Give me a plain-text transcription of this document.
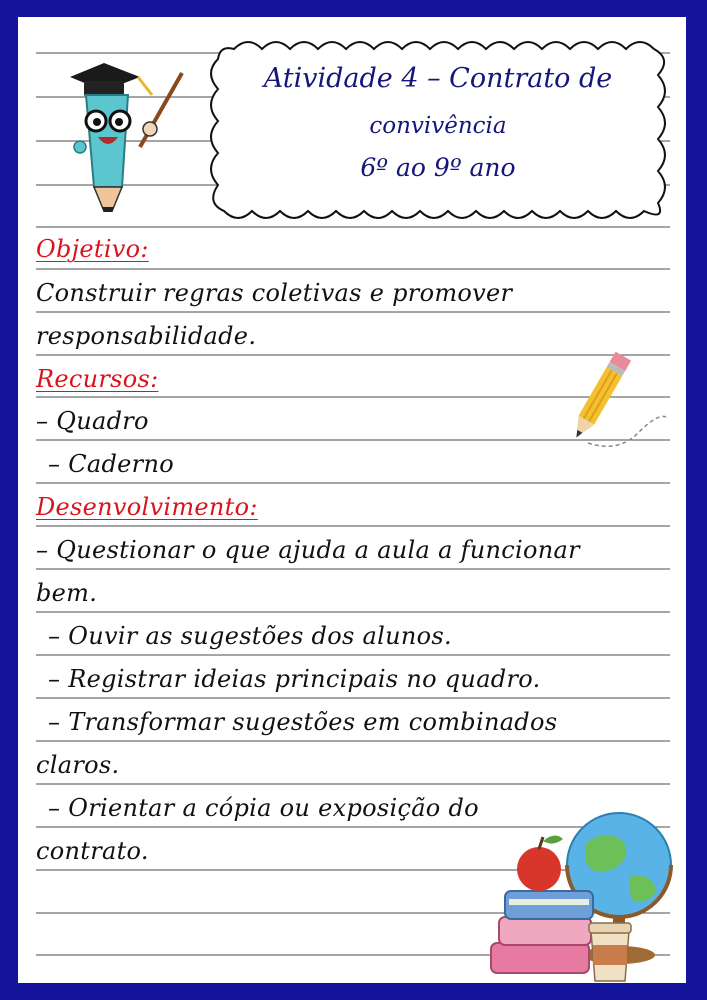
Atividade 4 – Contrato de
convivência
6º ao 9º ano
Objetivo:
Construir regras coletivas e promover
responsabilidade.
Recursos:
– Quadro
– Caderno
Desenvolvimento:
– Questionar o que ajuda a aula a funcionar
bem.
– Ouvir as sugestões dos alunos.
– Registrar ideias principais no quadro.
– Transformar sugestões em combinados
claros.
– Orientar a cópia ou exposição do
contrato.
